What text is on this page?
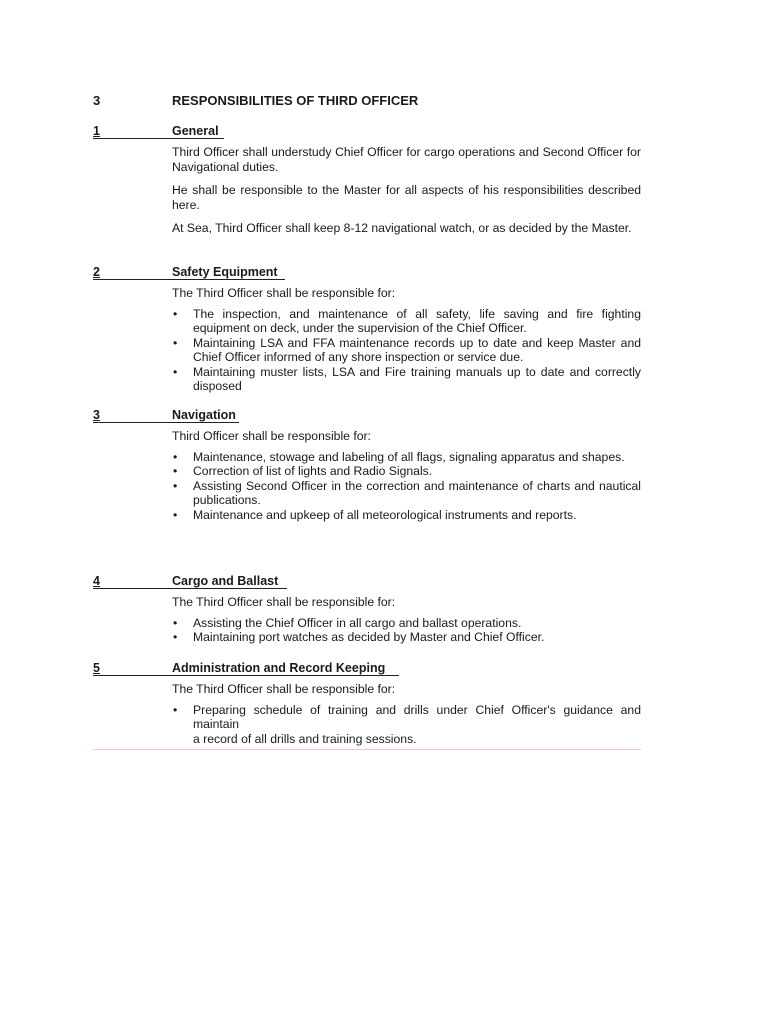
3	RESPONSIBILITIES OF THIRD OFFICER
1	General

Third Officer shall understudy Chief Officer for cargo operations and Second Officer for Navigational duties.

He shall be responsible to the Master for all aspects of his responsibilities described here.

At Sea, Third Officer shall keep 8-12 navigational watch, or as decided by the Master.

2	Safety Equipment

The Third Officer shall be responsible for:

• The inspection, and maintenance of all safety, life saving and fire fighting equipment on deck, under the supervision of the Chief Officer.
• Maintaining LSA and FFA maintenance records up to date and keep Master and Chief Officer informed of any shore inspection or service due.
• Maintaining muster lists, LSA and Fire training manuals up to date and correctly disposed
3	Navigation

Third Officer shall be responsible for:

• Maintenance, stowage and labeling of all flags, signaling apparatus and shapes.
• Correction of list of lights and Radio Signals.
• Assisting Second Officer in the correction and maintenance of charts and nautical publications.
• Maintenance and upkeep of all meteorological instruments and reports.
4	Cargo and Ballast

The Third Officer shall be responsible for:

• Assisting the Chief Officer in all cargo and ballast operations.
• Maintaining port watches as decided by Master and Chief Officer.
5	Administration and Record Keeping

The Third Officer shall be responsible for:

• Preparing schedule of training and drills under Chief Officer's guidance and maintain
a record of all drills and training sessions.
